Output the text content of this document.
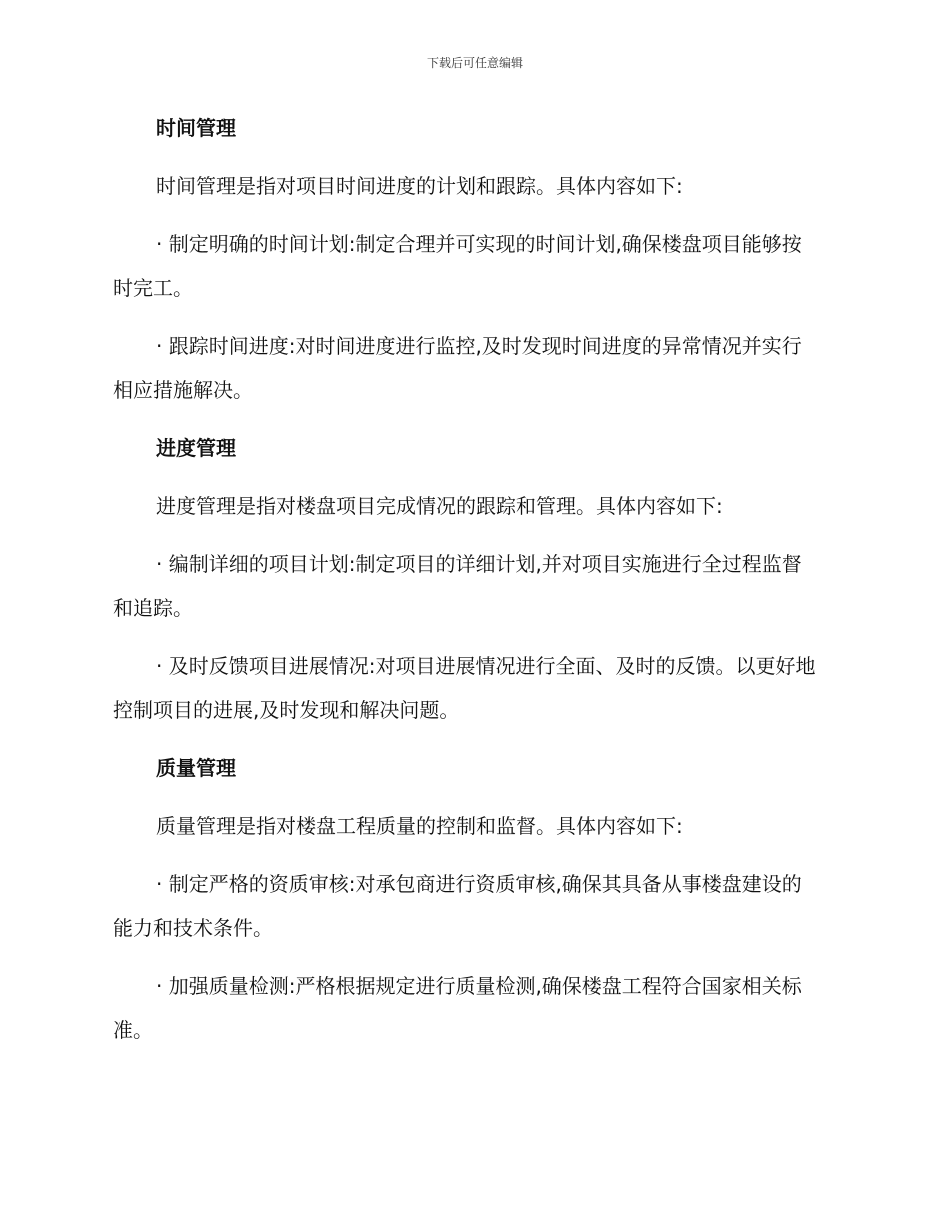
下载后可任意编辑
时间管理

时间管理是指对项目时间进度的计划和跟踪。具体内容如下:

· 制定明确的时间计划:制定合理并可实现的时间计划,确保楼盘项目能够按时完工。

· 跟踪时间进度:对时间进度进行监控,及时发现时间进度的异常情况并实行相应措施解决。

进度管理

进度管理是指对楼盘项目完成情况的跟踪和管理。具体内容如下:

· 编制详细的项目计划:制定项目的详细计划,并对项目实施进行全过程监督和追踪。

· 及时反馈项目进展情况:对项目进展情况进行全面、及时的反馈。以更好地控制项目的进展,及时发现和解决问题。

质量管理

质量管理是指对楼盘工程质量的控制和监督。具体内容如下:

· 制定严格的资质审核:对承包商进行资质审核,确保其具备从事楼盘建设的能力和技术条件。

· 加强质量检测:严格根据规定进行质量检测,确保楼盘工程符合国家相关标准。
